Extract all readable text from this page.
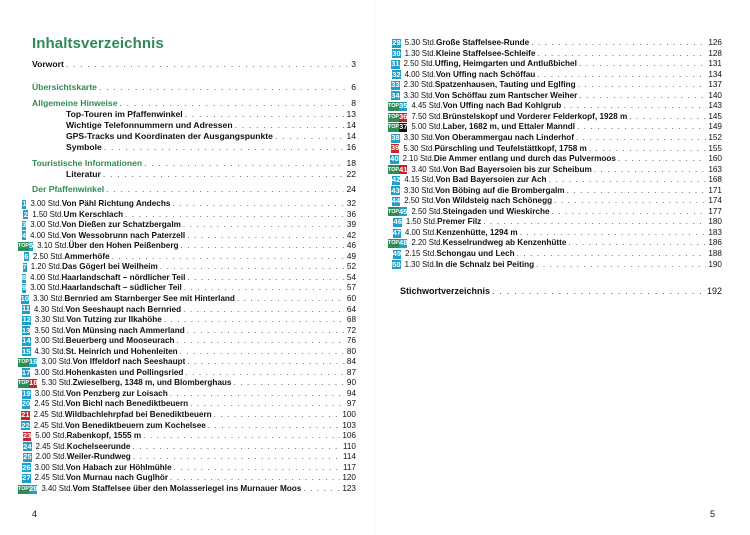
Inhaltsverzeichnis
Vorwort . . .	3
Übersichtskarte . . .	6
Allgemeine Hinweise . . .	8
Top-Touren im Pfaffenwinkel . . .	13
Wichtige Telefonnummern und Adressen . . .	14
GPS-Tracks und Koordinaten der Ausgangspunkte . . .	14
Symbole . . .	16
Touristische Informationen . . .	18
Literatur . . .	22
Der Pfaffenwinkel . . .	24
1 3.00 Std. Von Pähl Richtung Andechs . . .	32
2 1.50 Std. Um Kerschlach . . .	36
3 3.00 Std. Von Dießen zur Schatzbergalm . . .	39
4 4.00 Std. Von Wessobrunn nach Paterzell . . .	42
TOP 5 3.10 Std. Über den Hohen Peißenberg . . .	46
6 2.50 Std. Ammerhöfe . . .	49
7 1.20 Std. Das Gögerl bei Weilheim . . .	52
8 4.00 Std. Haarlandschaft – nördlicher Teil . . .	54
9 3.00 Std. Haarlandschaft – südlicher Teil . . .	57
10 3.30 Std. Bernried am Starnberger See mit Hinterland . . .	60
11 4.30 Std. Von Seeshaupt nach Bernried . . .	64
12 3.30 Std. Von Tutzing zur Ilkahöhe . . .	68
13 3.50 Std. Von Münsing nach Ammerland . . .	72
14 3.00 Std. Beuerberg und Mooseurach . . .	76
15 4.30 Std. St. Heinrich und Hohenleiten . . .	80
TOP 16 3.00 Std. Von Iffeldorf nach Seeshaupt . . .	84
17 3.00 Std. Hohenkasten und Pollingsried . . .	87
TOP 18 5.30 Std. Zwieselberg, 1348 m, und Blomberghaus . . .	90
19 3.00 Std. Von Penzberg zur Loisach . . .	94
20 2.45 Std. Von Bichl nach Benediktbeuern . . .	97
21 2.45 Std. Wildbachlehrpfad bei Benediktbeuern . . .	100
22 2.45 Std. Von Benediktbeuern zum Kochelsee . . .	103
23 5.00 Std. Rabenkopf, 1555 m . . .	106
24 2.45 Std. Kochelseerunde . . .	110
25 2.00 Std. Weiler-Rundweg . . .	114
26 3.00 Std. Von Habach zur Höhlmühle . . .	117
27 2.45 Std. Von Murnau nach Guglhör . . .	120
TOP 28 3.40 Std. Vom Staffelsee über den Molasseriegel ins Murnauer Moos . . .	123
4
29 5.30 Std. Große Staffelsee-Runde . . .	126
30 1.30 Std. Kleine Staffelsee-Schleife . . .	128
31 2.50 Std. Uffing, Heimgarten und Antlußbichel . . .	131
32 4.00 Std. Von Uffing nach Schöffau . . .	134
33 2.30 Std. Spatzenhausen, Tauting und Eglfing . . .	137
34 3.30 Std. Von Schöffau zum Rantscher Weiher . . .	140
TOP 35 4.45 Std. Von Uffing nach Bad Kohlgrub . . .	143
TOP 36 7.50 Std. Brünstelskopf und Vorderer Felderkopf, 1928 m . . .	145
TOP 37 5.00 Std. Laber, 1682 m, und Ettaler Manndl . . .	149
38 3.30 Std. Von Oberammergau nach Linderhof . . .	152
39 5.30 Std. Pürschling und Teufelstättkopf, 1758 m . . .	155
40 2.10 Std. Die Ammer entlang und durch das Pulvermoos . . .	160
TOP 41 3.40 Std. Von Bad Bayersoien bis zur Scheibum . . .	163
42 4.15 Std. Von Bad Bayersoien zur Ach . . .	168
43 3.30 Std. Von Böbing auf die Brombergalm . . .	171
44 2.50 Std. Von Wildsteig nach Schönegg . . .	174
TOP 45 2.50 Std. Steingaden und Wieskirche . . .	177
46 1.50 Std. Premer Filz . . .	180
47 4.00 Std. Kenzenhütte, 1294 m . . .	183
TOP 48 2.20 Std. Kesselrundweg ab Kenzenhütte . . .	186
49 2.15 Std. Schongau und Lech . . .	188
50 1.30 Std. In die Schnalz bei Peiting . . .	190
Stichwortverzeichnis . . .	192
5
